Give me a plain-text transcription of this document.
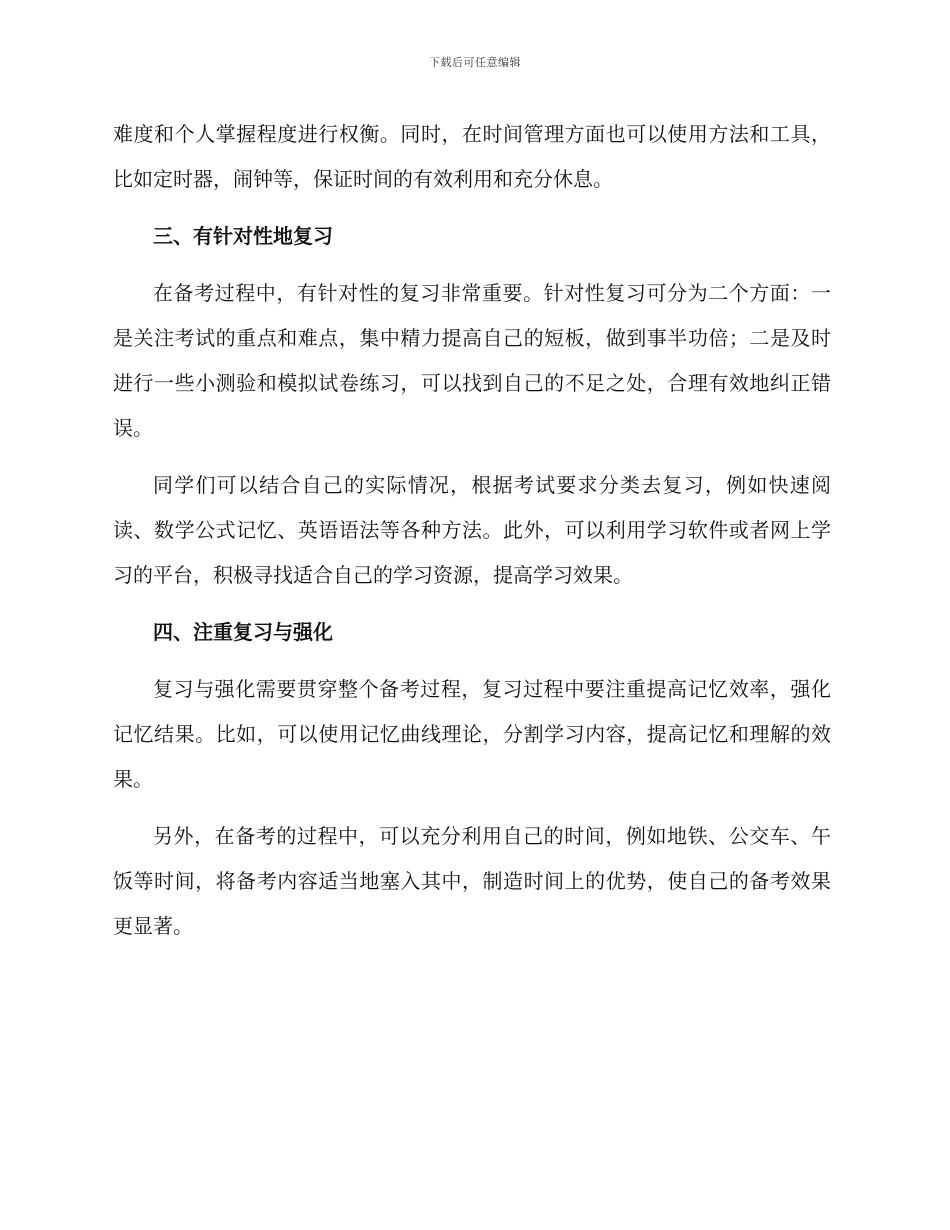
下载后可任意编辑

难度和个人掌握程度进行权衡。同时，在时间管理方面也可以使用方法和工具，比如定时器，闹钟等，保证时间的有效利用和充分休息。

三、有针对性地复习

在备考过程中，有针对性的复习非常重要。针对性复习可分为二个方面：一是关注考试的重点和难点，集中精力提高自己的短板，做到事半功倍；二是及时进行一些小测验和模拟试卷练习，可以找到自己的不足之处，合理有效地纠正错误。

同学们可以结合自己的实际情况，根据考试要求分类去复习，例如快速阅读、数学公式记忆、英语语法等各种方法。此外，可以利用学习软件或者网上学习的平台，积极寻找适合自己的学习资源，提高学习效果。

四、注重复习与强化

复习与强化需要贯穿整个备考过程，复习过程中要注重提高记忆效率，强化记忆结果。比如，可以使用记忆曲线理论，分割学习内容，提高记忆和理解的效果。

另外，在备考的过程中，可以充分利用自己的时间，例如地铁、公交车、午饭等时间，将备考内容适当地塞入其中，制造时间上的优势，使自己的备考效果更显著。
